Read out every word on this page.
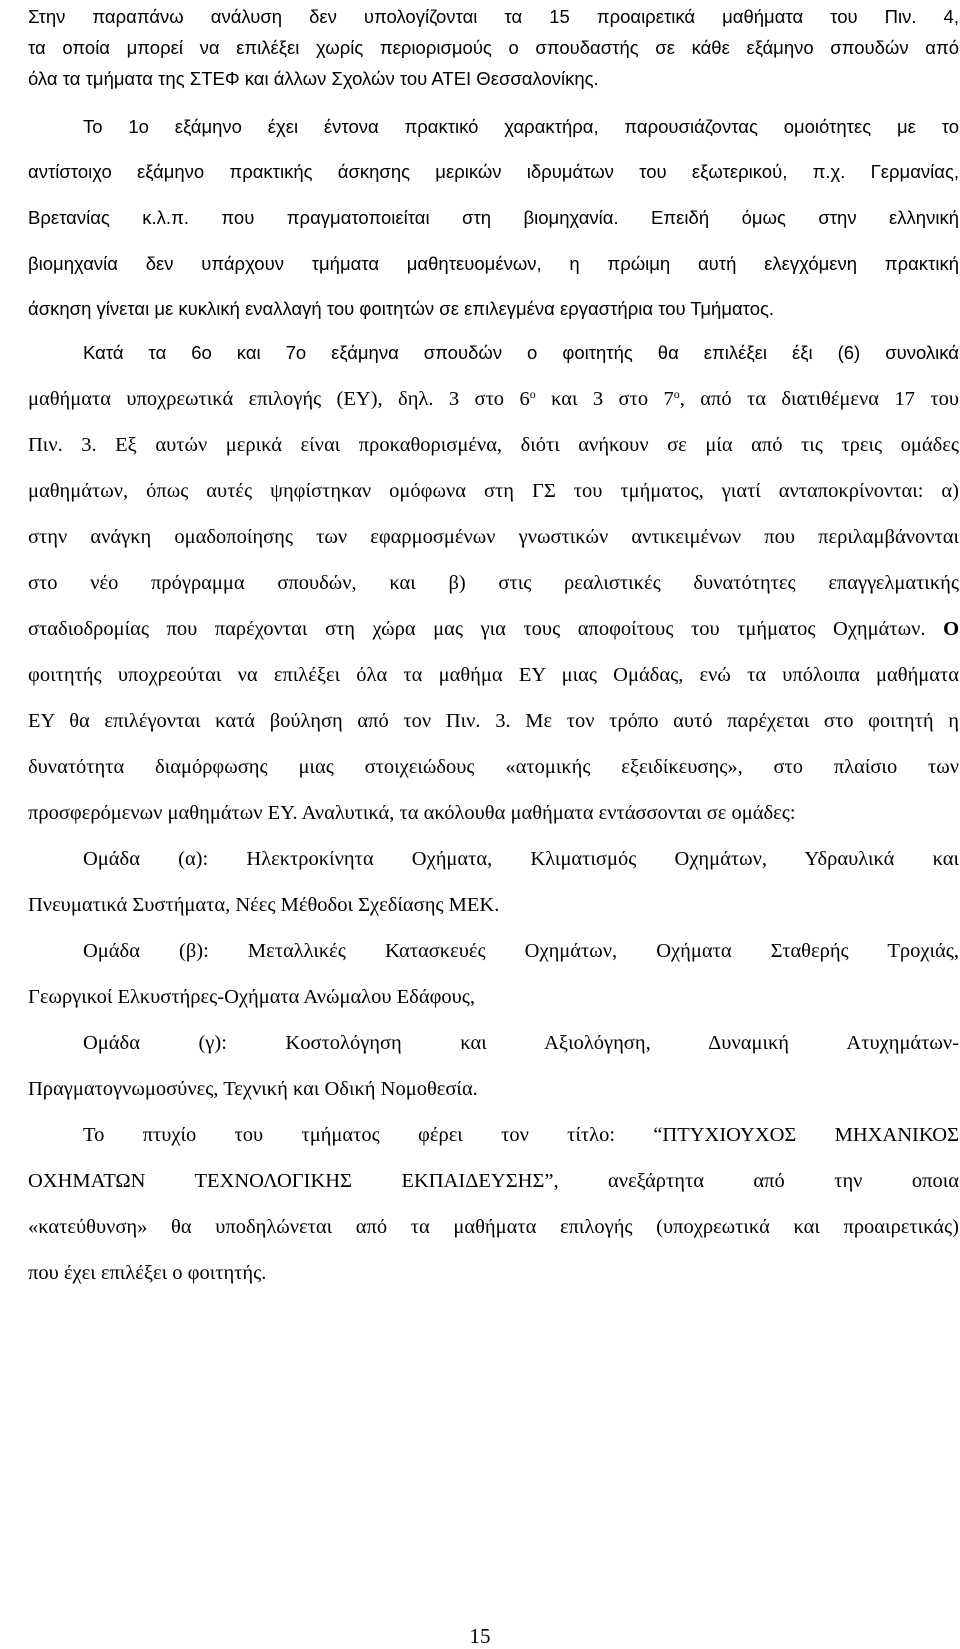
Στην παραπάνω ανάλυση δεν υπολογίζονται τα 15 προαιρετικά μαθήματα του Πιν. 4,
τα οποία μπορεί να επιλέξει χωρίς περιορισμούς ο σπουδαστής σε κάθε εξάμηνο σπουδών από
όλα τα τμήματα της ΣΤΕΦ και άλλων Σχολών του ΑΤΕΙ Θεσσαλονίκης.
Το 1ο εξάμηνο έχει έντονα πρακτικό χαρακτήρα, παρουσιάζοντας ομοιότητες με το
αντίστοιχο εξάμηνο πρακτικής άσκησης μερικών ιδρυμάτων του εξωτερικού, π.χ. Γερμανίας,
Βρετανίας κ.λ.π. που πραγματοποιείται στη βιομηχανία. Επειδή όμως στην ελληνική
βιομηχανία δεν υπάρχουν τμήματα μαθητευομένων, η πρώιμη αυτή ελεγχόμενη πρακτική
άσκηση γίνεται με κυκλική εναλλαγή του φοιτητών σε επιλεγμένα εργαστήρια του Τμήματος.
Κατά τα 6ο και 7ο εξάμηνα σπουδών ο φοιτητής θα επιλέξει έξι (6) συνολικά
μαθήματα υποχρεωτικά επιλογής (ΕΥ), δηλ. 3 στο $6^o$ και 3 στο $7^o$, από τα διατιθέμενα 17 του
Πιν. 3. Εξ αυτών μερικά είναι προκαθορισμένα, διότι ανήκουν σε μία από τις τρεις ομάδες
μαθημάτων, όπως αυτές ψηφίστηκαν ομόφωνα στη ΓΣ του τμήματος, γιατί ανταποκρίνονται: α)
στην ανάγκη ομαδοποίησης των εφαρμοσμένων γνωστικών αντικειμένων που περιλαμβάνονται
στο νέο πρόγραμμα σπουδών, και β) στις ρεαλιστικές δυνατότητες επαγγελματικής
σταδιοδρομίας που παρέχονται στη χώρα μας για τους αποφοίτους του τμήματος Οχημάτων. Ο
φοιτητής υποχρεούται να επιλέξει όλα τα μαθήμα ΕΥ μιας Ομάδας, ενώ τα υπόλοιπα μαθήματα
ΕΥ θα επιλέγονται κατά βούληση από τον Πιν. 3. Με τον τρόπο αυτό παρέχεται στο φοιτητή η
δυνατότητα διαμόρφωσης μιας στοιχειώδους «ατομικής εξειδίκευσης», στο πλαίσιο των
προσφερόμενων μαθημάτων ΕΥ. Αναλυτικά, τα ακόλουθα μαθήματα εντάσσονται σε ομάδες:
Ομάδα (α): Ηλεκτροκίνητα Οχήματα, Κλιματισμός Οχημάτων, Υδραυλικά και
Πνευματικά Συστήματα, Νέες Μέθοδοι Σχεδίασης ΜΕΚ.
Ομάδα (β): Μεταλλικές Κατασκευές Οχημάτων, Οχήματα Σταθερής Τροχιάς,
Γεωργικοί Ελκυστήρες-Οχήματα Ανώμαλου Εδάφους,
Ομάδα (γ): Κοστολόγηση και Αξιολόγηση, Δυναμική Ατυχημάτων-
Πραγματογνωμοσύνες, Τεχνική και Οδική Νομοθεσία.
Το πτυχίο του τμήματος φέρει τον τίτλο: “ΠΤΥΧΙΟΥΧΟΣ ΜΗΧΑΝΙΚΟΣ
ΟΧΗΜΑΤΩΝ ΤΕΧΝΟΛΟΓΙΚΗΣ ΕΚΠΑΙΔΕΥΣΗΣ”, ανεξάρτητα από την οποια
«κατεύθυνση» θα υποδηλώνεται από τα μαθήματα επιλογής (υποχρεωτικά και προαιρετικάς)
που έχει επιλέξει ο φοιτητής.
15
